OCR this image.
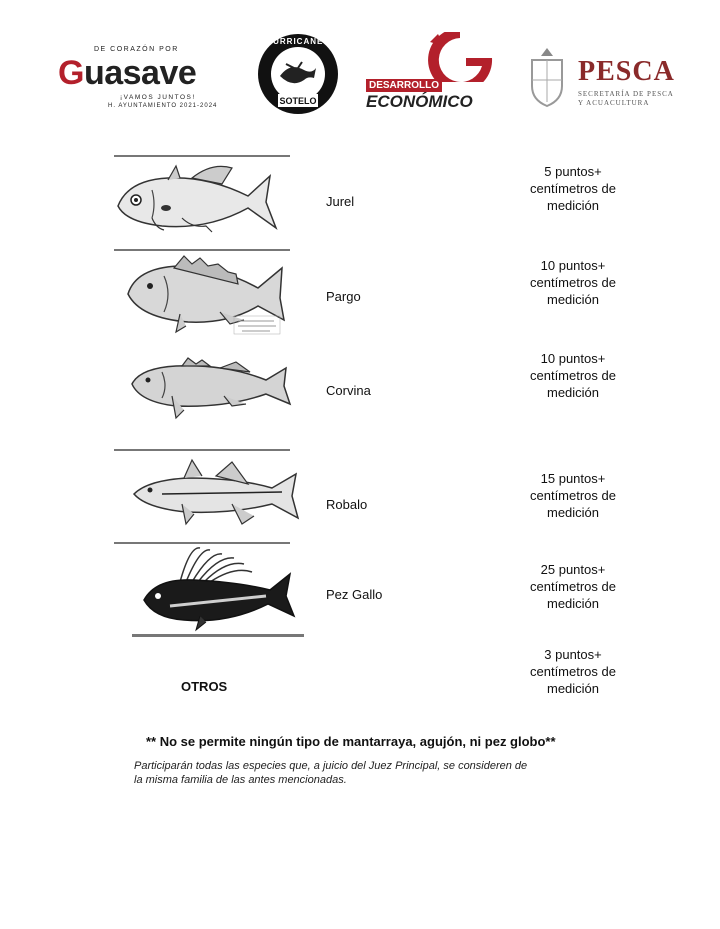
DE CORAZÓN POR
Guasave
¡VAMOS JUNTOS!
H. AYUNTAMIENTO 2021-2024	SOTELO
CURRICANES
DESARROLLO
ECONÓMICO
PESCA
SECRETARÍA DE PESCA
Y ACUACULTURA
Jurel
5 puntos+
centímetros de
medición
Pargo
10 puntos+
centímetros de
medición
Corvina
10 puntos+
centímetros de
medición
Robalo
15 puntos+
centímetros de
medición
Pez Gallo
25 puntos+
centímetros de
medición
OTROS
3 puntos+
centímetros de
medición
** No se permite ningún tipo de mantarraya, agujón, ni pez globo**
Participarán todas las especies que, a juicio del Juez Principal, se consideren de
la misma familia de las antes mencionadas.
